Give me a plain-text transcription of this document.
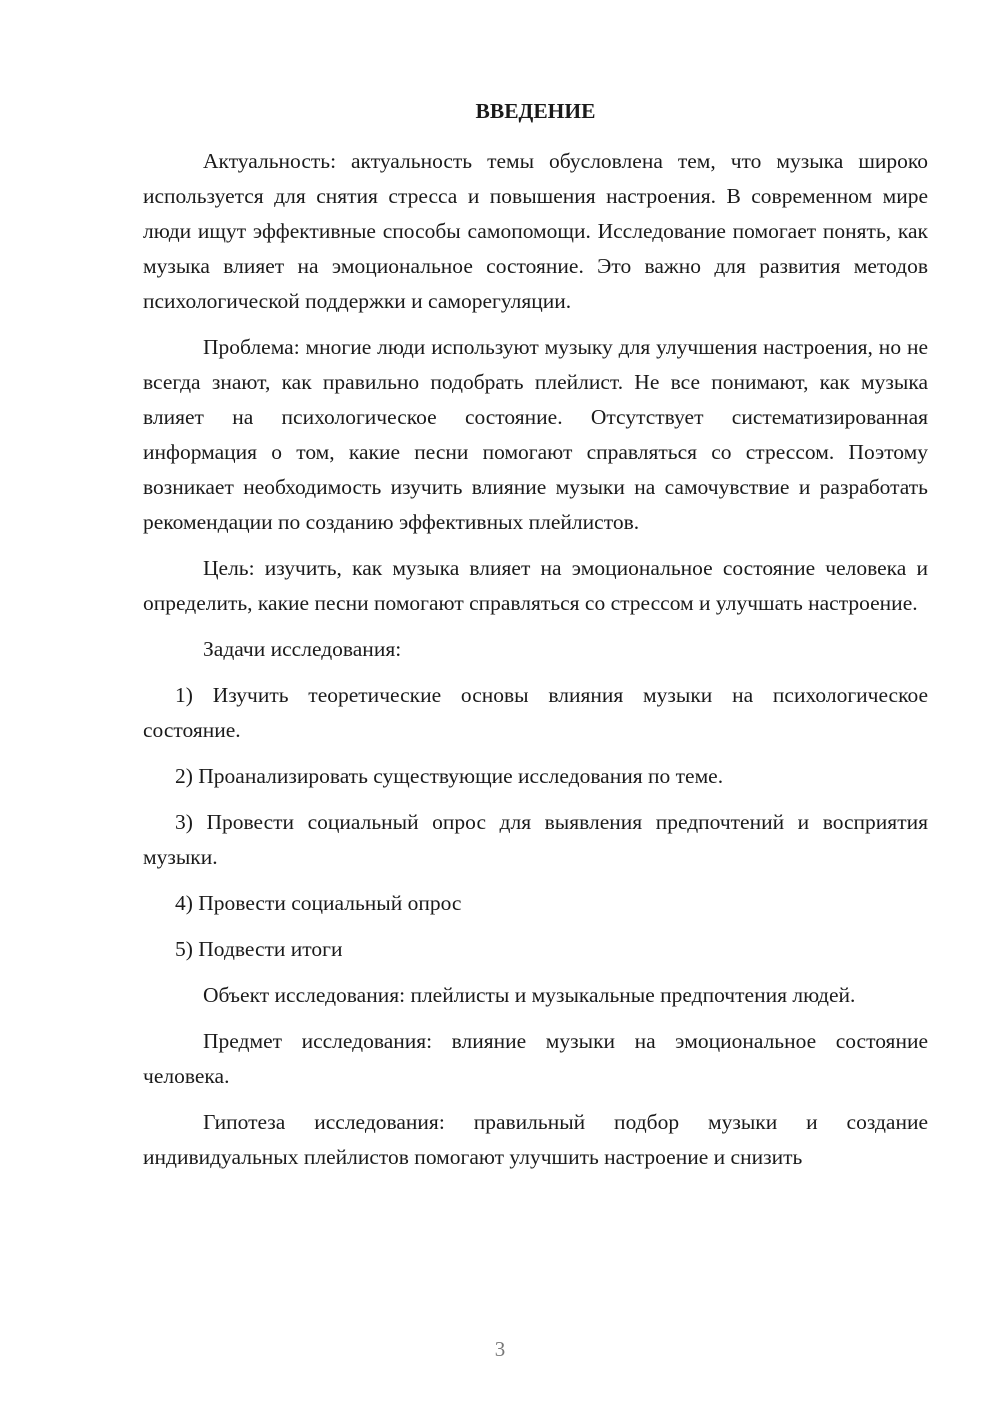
ВВЕДЕНИЕ

Актуальность: актуальность темы обусловлена тем, что музыка широко используется для снятия стресса и повышения настроения. В современном мире люди ищут эффективные способы самопомощи. Исследование помогает понять, как музыка влияет на эмоциональное состояние. Это важно для развития методов психологической поддержки и саморегуляции.

Проблема: многие люди используют музыку для улучшения настроения, но не всегда знают, как правильно подобрать плейлист. Не все понимают, как музыка влияет на психологическое состояние. Отсутствует систематизированная информация о том, какие песни помогают справляться со стрессом. Поэтому возникает необходимость изучить влияние музыки на самочувствие и разработать рекомендации по созданию эффективных плейлистов.

Цель: изучить, как музыка влияет на эмоциональное состояние человека и определить, какие песни помогают справляться со стрессом и улучшать настроение.

Задачи исследования:

1) Изучить теоретические основы влияния музыки на психологическое состояние.

2) Проанализировать существующие исследования по теме.

3) Провести социальный опрос для выявления предпочтений и восприятия музыки.

4) Провести социальный опрос

5) Подвести итоги

Объект исследования: плейлисты и музыкальные предпочтения людей.

Предмет исследования: влияние музыки на эмоциональное состояние человека.

Гипотеза исследования: правильный подбор музыки и создание индивидуальных плейлистов помогают улучшить настроение и снизить

3
